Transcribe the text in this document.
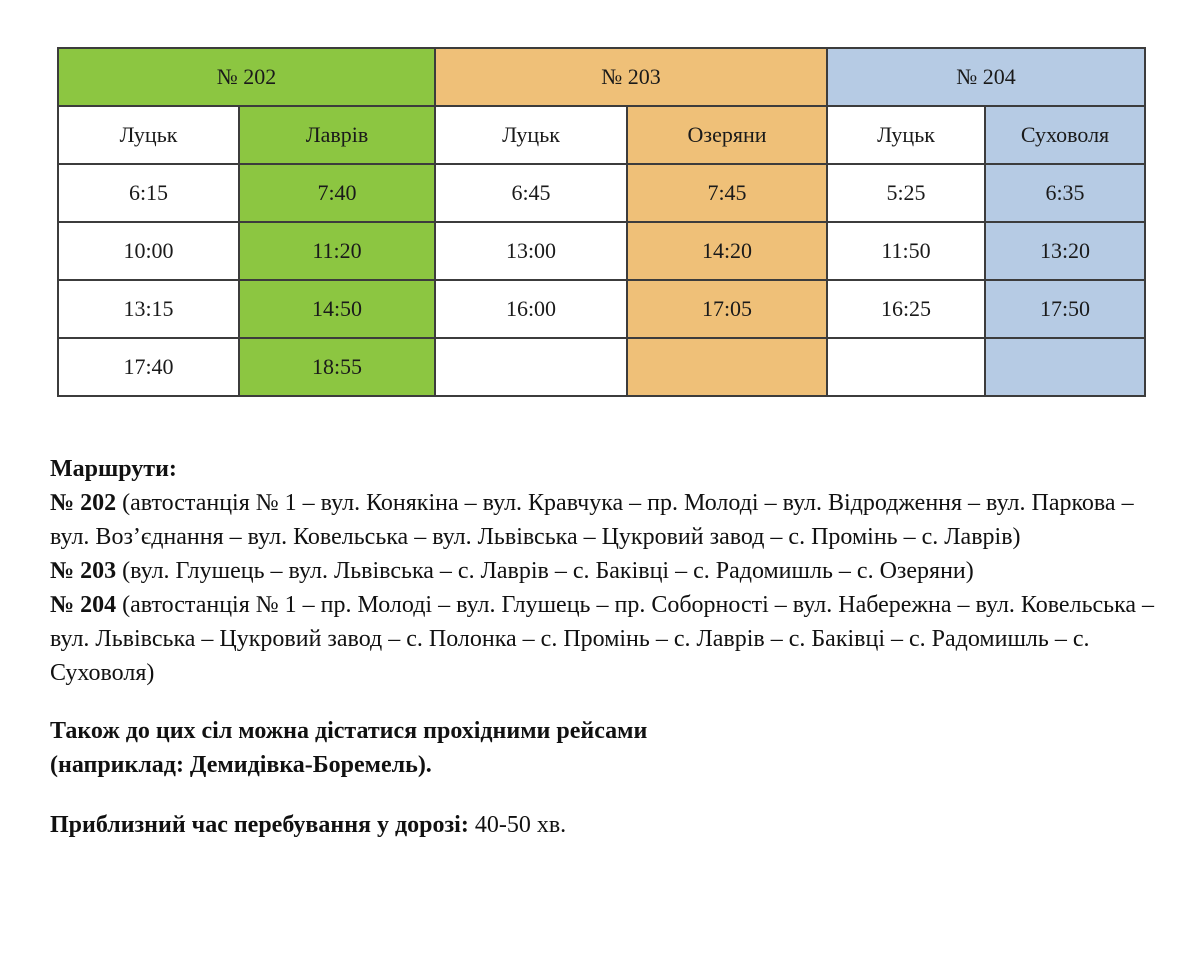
№ 202		№ 203		№ 204	
Луцьк	Лаврів	Луцьк	Озеряни	Луцьк	Суховоля
6:15	7:40	6:45	7:45	5:25	6:35
10:00	11:20	13:00	14:20	11:50	13:20
13:15	14:50	16:00	17:05	16:25	17:50
17:40	18:55				
Маршрути:
№ 202 (автостанція № 1 – вул. Конякіна – вул. Кравчука – пр. Молоді – вул. Відродження – вул. Паркова – вул. Воз’єднання – вул. Ковельська – вул. Львівська – Цукровий завод – с. Промінь – с. Лаврів)
№ 203 (вул. Глушець – вул. Львівська – с. Лаврів – с. Баківці – с. Радомишль – с. Озеряни)
№ 204 (автостанція № 1 – пр. Молоді – вул. Глушець – пр. Соборності – вул. Набережна – вул. Ковельська – вул. Львівська – Цукровий завод – с. Полонка – с. Промінь – с. Лаврів – с. Баківці – с. Радомишль – с. Суховоля)
Також до цих сіл можна дістатися прохідними рейсами
(наприклад: Демидівка-Боремель).
Приблизний час перебування у дорозі: 40-50 хв.
